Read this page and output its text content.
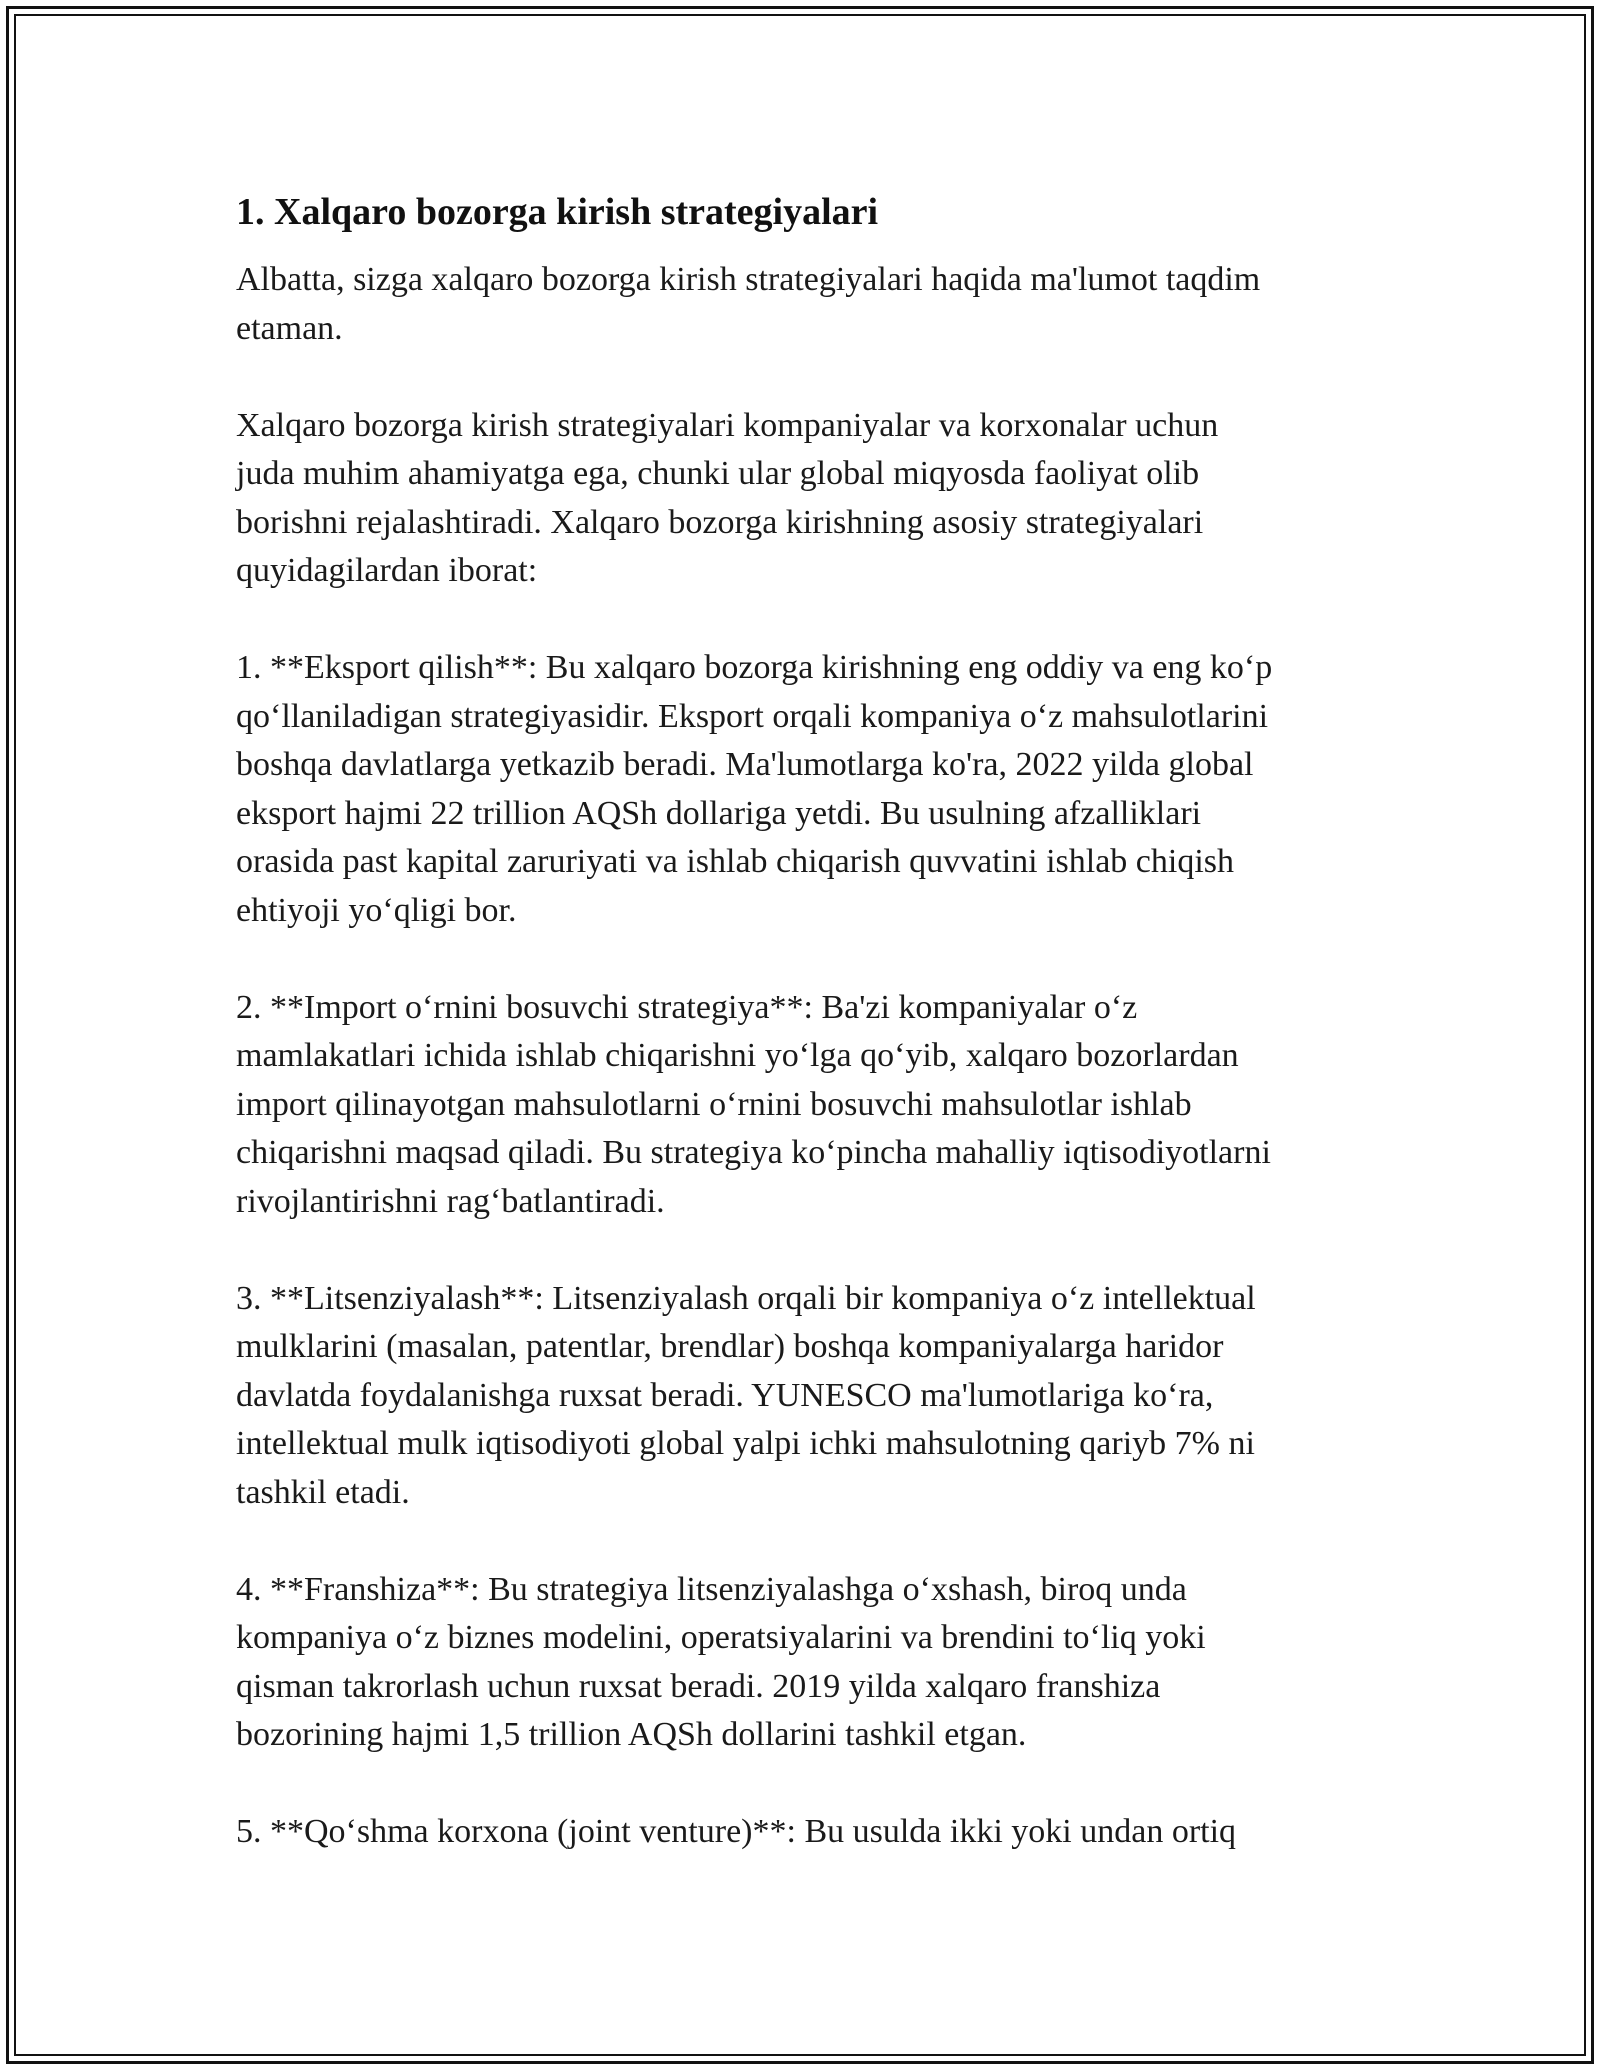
1. Xalqaro bozorga kirish strategiyalari

Albatta, sizga xalqaro bozorga kirish strategiyalari haqida ma'lumot taqdim
etaman.

Xalqaro bozorga kirish strategiyalari kompaniyalar va korxonalar uchun
juda muhim ahamiyatga ega, chunki ular global miqyosda faoliyat olib
borishni rejalashtiradi. Xalqaro bozorga kirishning asosiy strategiyalari
quyidagilardan iborat:

1. **Eksport qilish**: Bu xalqaro bozorga kirishning eng oddiy va eng ko‘p
qo‘llaniladigan strategiyasidir. Eksport orqali kompaniya o‘z mahsulotlarini
boshqa davlatlarga yetkazib beradi. Ma'lumotlarga ko'ra, 2022 yilda global
eksport hajmi 22 trillion AQSh dollariga yetdi. Bu usulning afzalliklari
orasida past kapital zaruriyati va ishlab chiqarish quvvatini ishlab chiqish
ehtiyoji yo‘qligi bor.

2. **Import o‘rnini bosuvchi strategiya**: Ba'zi kompaniyalar o‘z
mamlakatlari ichida ishlab chiqarishni yo‘lga qo‘yib, xalqaro bozorlardan
import qilinayotgan mahsulotlarni o‘rnini bosuvchi mahsulotlar ishlab
chiqarishni maqsad qiladi. Bu strategiya ko‘pincha mahalliy iqtisodiyotlarni
rivojlantirishni rag‘batlantiradi.

3. **Litsenziyalash**: Litsenziyalash orqali bir kompaniya o‘z intellektual
mulklarini (masalan, patentlar, brendlar) boshqa kompaniyalarga haridor
davlatda foydalanishga ruxsat beradi. YUNESCO ma'lumotlariga ko‘ra,
intellektual mulk iqtisodiyoti global yalpi ichki mahsulotning qariyb 7% ni
tashkil etadi.

4. **Franshiza**: Bu strategiya litsenziyalashga o‘xshash, biroq unda
kompaniya o‘z biznes modelini, operatsiyalarini va brendini to‘liq yoki
qisman takrorlash uchun ruxsat beradi. 2019 yilda xalqaro franshiza
bozorining hajmi 1,5 trillion AQSh dollarini tashkil etgan.

5. **Qo‘shma korxona (joint venture)**: Bu usulda ikki yoki undan ortiq
